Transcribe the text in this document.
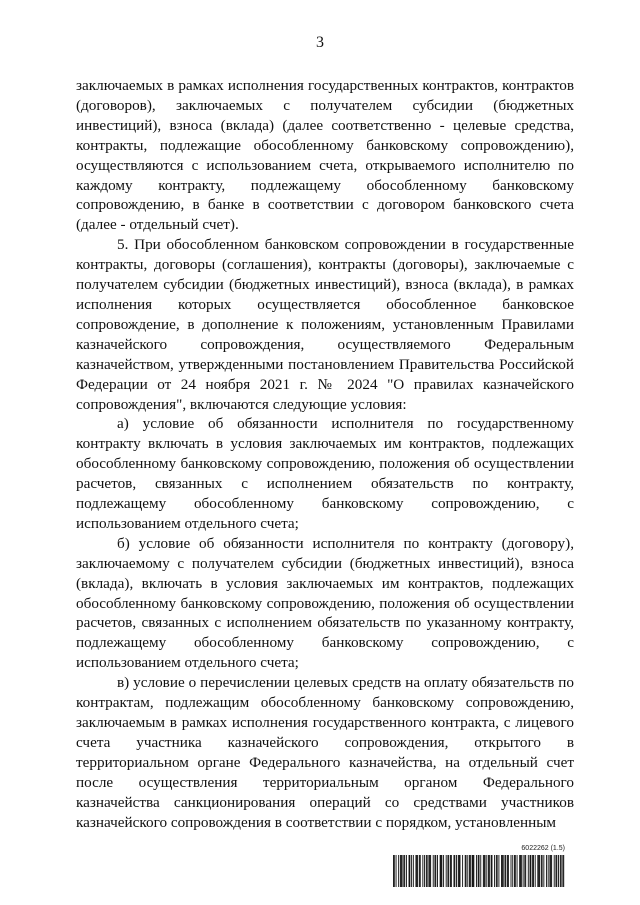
3

заключаемых в рамках исполнения государственных контрактов, контрактов (договоров), заключаемых с получателем субсидии (бюджетных инвестиций), взноса (вклада) (далее соответственно - целевые средства, контракты, подлежащие обособленному банковскому сопровождению), осуществляются с использованием счета, открываемого исполнителю по каждому контракту, подлежащему обособленному банковскому сопровождению, в банке в соответствии с договором банковского счета (далее - отдельный счет).

5. При обособленном банковском сопровождении в государственные контракты, договоры (соглашения), контракты (договоры), заключаемые с получателем субсидии (бюджетных инвестиций), взноса (вклада), в рамках исполнения которых осуществляется обособленное банковское сопровождение, в дополнение к положениям, установленным Правилами казначейского сопровождения, осуществляемого Федеральным казначейством, утвержденными постановлением Правительства Российской Федерации от 24 ноября 2021 г. № 2024 "О правилах казначейского сопровождения", включаются следующие условия:

а) условие об обязанности исполнителя по государственному контракту включать в условия заключаемых им контрактов, подлежащих обособленному банковскому сопровождению, положения об осуществлении расчетов, связанных с исполнением обязательств по контракту, подлежащему обособленному банковскому сопровождению, с использованием отдельного счета;

б) условие об обязанности исполнителя по контракту (договору), заключаемому с получателем субсидии (бюджетных инвестиций), взноса (вклада), включать в условия заключаемых им контрактов, подлежащих обособленному банковскому сопровождению, положения об осуществлении расчетов, связанных с исполнением обязательств по указанному контракту, подлежащему обособленному банковскому сопровождению, с использованием отдельного счета;

в) условие о перечислении целевых средств на оплату обязательств по контрактам, подлежащим обособленному банковскому сопровождению, заключаемым в рамках исполнения государственного контракта, с лицевого счета участника казначейского сопровождения, открытого в территориальном органе Федерального казначейства, на отдельный счет после осуществления территориальным органом Федерального казначейства санкционирования операций со средствами участников казначейского сопровождения в соответствии с порядком, установленным

6022262 (1.5)
